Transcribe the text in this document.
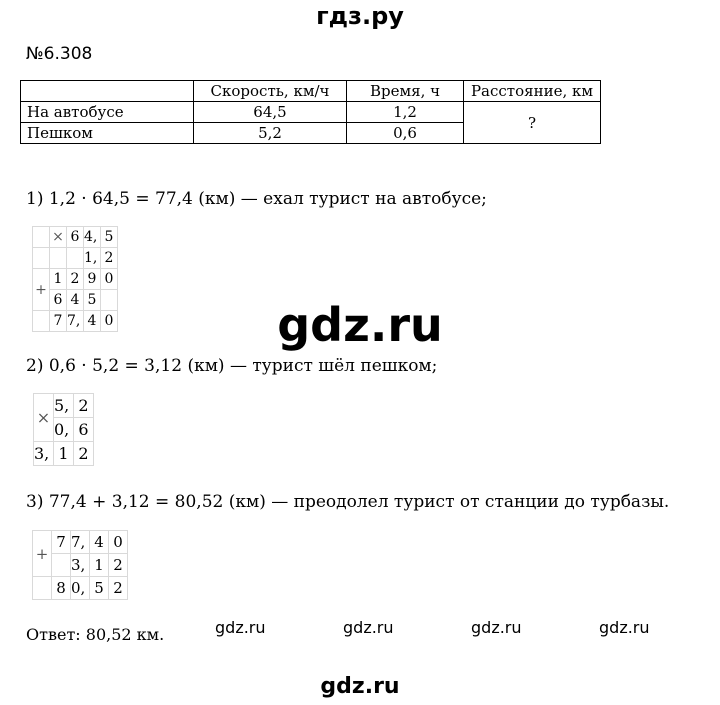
гдз.ру
№6.308
	Скорость, км/ч	Время, ч	Расстояние, км
На автобусе	64,5	1,2	?
Пешком	5,2	0,6	
1) 1,2 · 64,5 = 77,4 (км) — ехал турист на автобусе;
	×	6	4,	5
			1,	2
+	1	2	9	0
	6	4	5	
	7	7,	4	0	gdz.ru
2) 0,6 · 5,2 = 3,12 (км) — турист шёл пешком;
×	5,	2
	0,	6
3,	1	2
3) 77,4 + 3,12 = 80,52 (км) — преодолел турист от станции до турбазы.
+	7	7,	4	0
		3,	1	2
	8	0,	5	2
Ответ: 80,52 км.	gdz.ru	gdz.ru	gdz.ru	gdz.ru
gdz.ru
